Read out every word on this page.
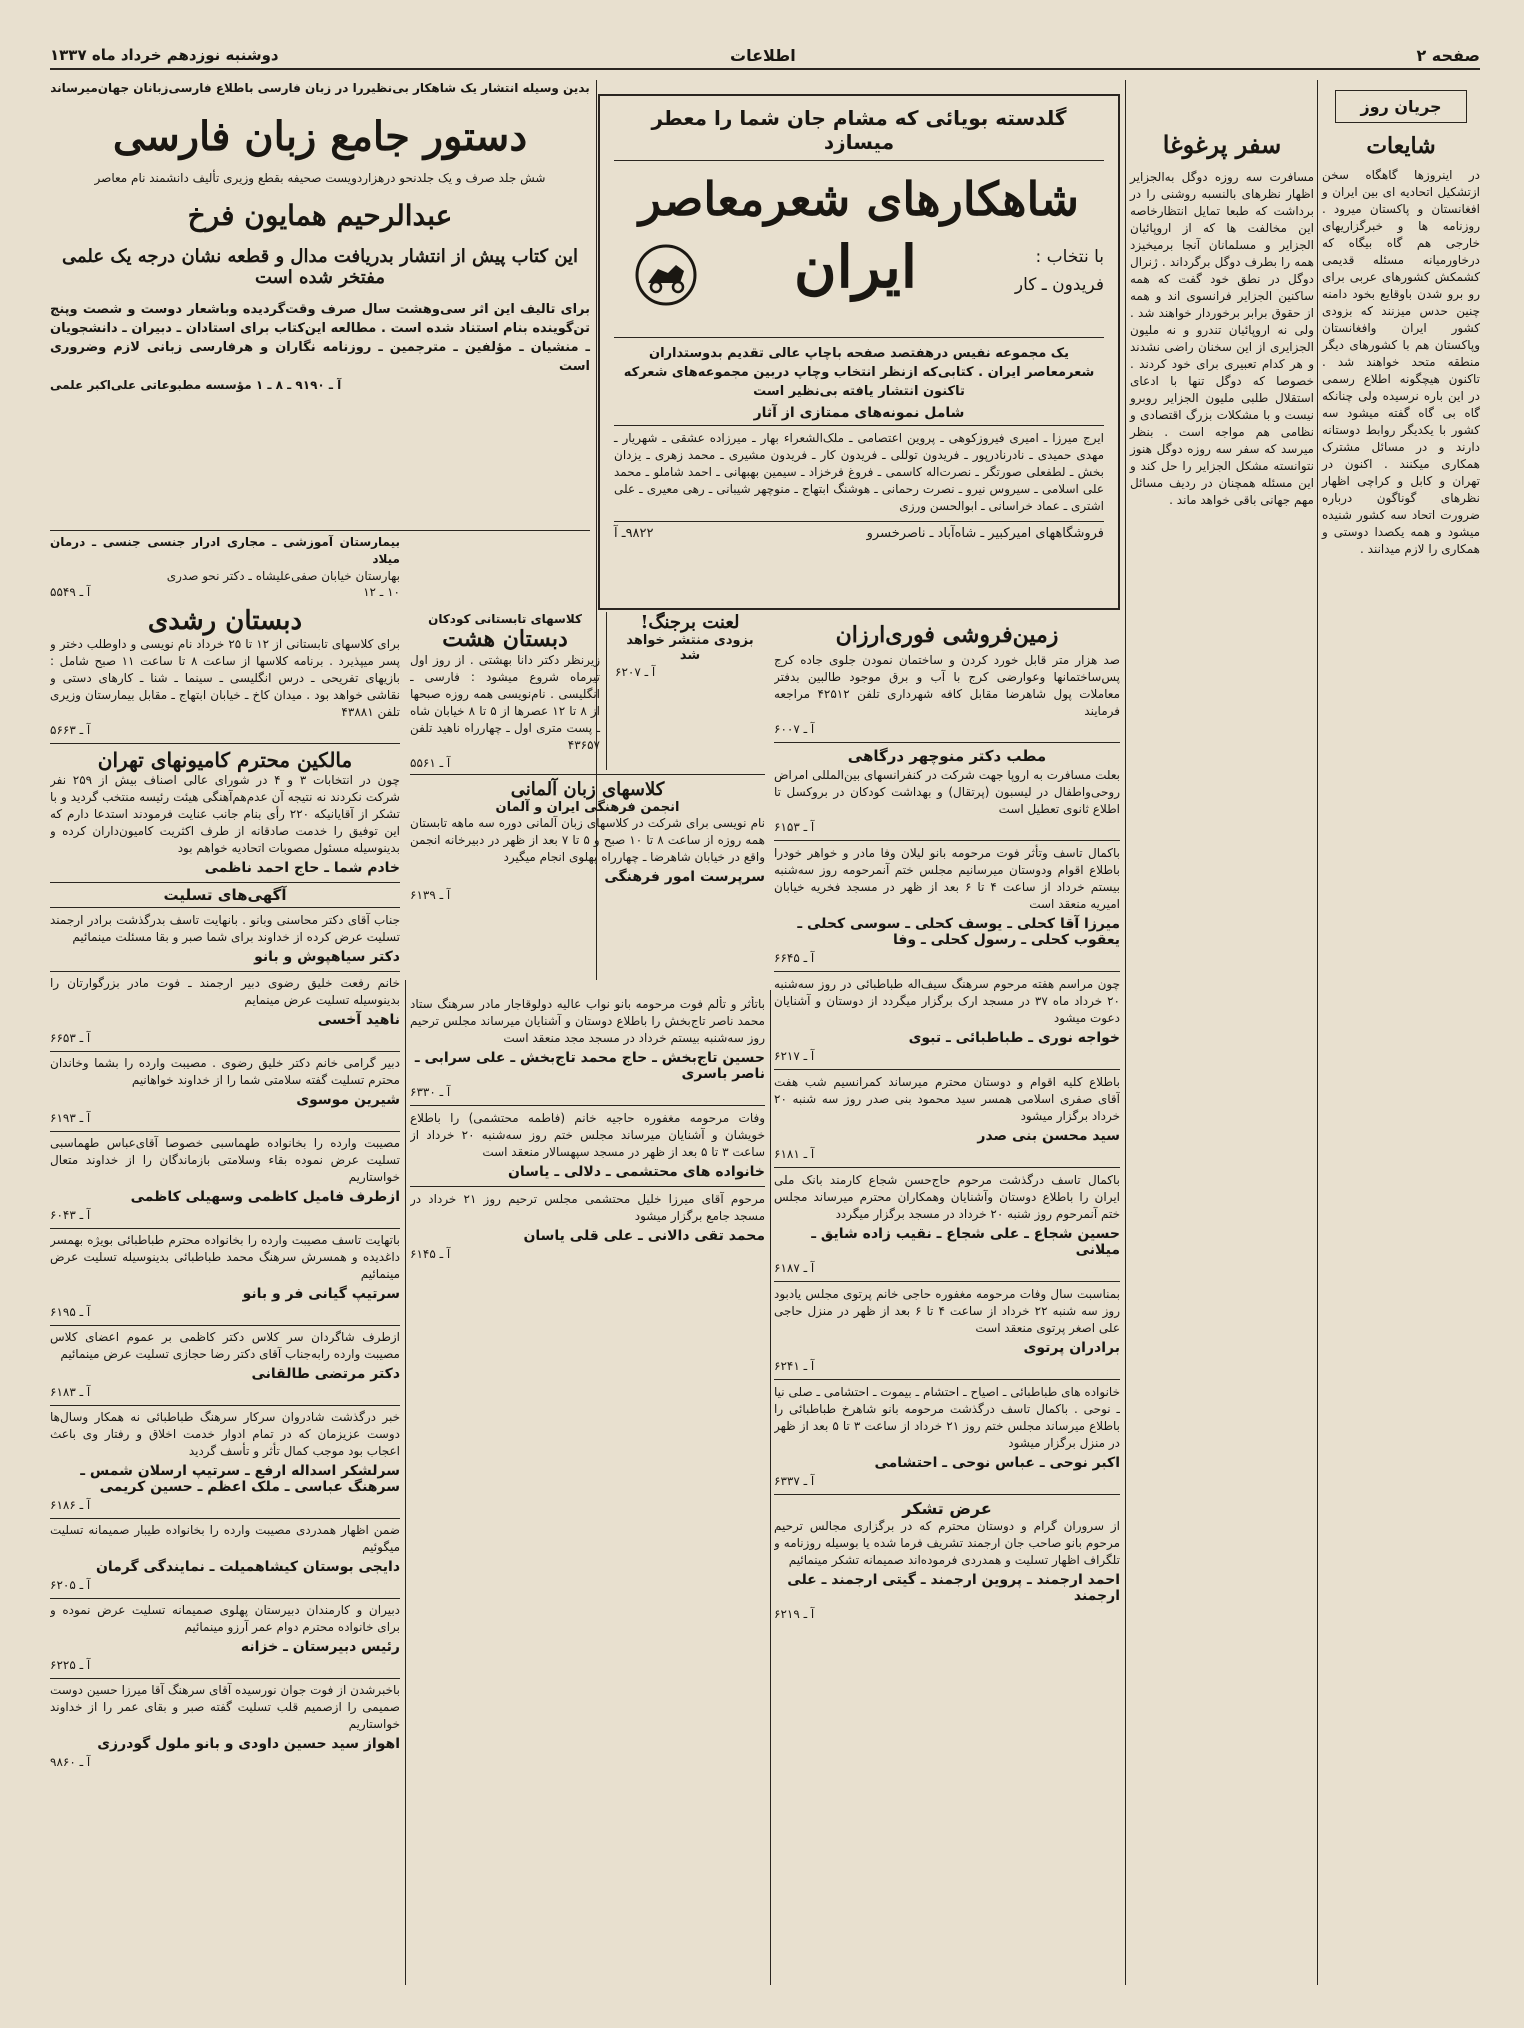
صفحه ۲
اطلاعات
دوشنبه نوزدهم خرداد ماه ۱۳۳۷
جریان روز
شایعات

در اینروزها گاهگاه سخن ازتشکیل اتحادیه ای بین ایران و افغانستان و پاکستان میرود . روزنامه ها و خبرگزاریهای خارجی هم گاه بیگاه که درخاورمیانه مسئله قدیمی کشمکش کشورهای عربی برای رو برو شدن باوقایع بخود دامنه چنین حدس میزنند که بزودی کشور ایران وافغانستان وپاکستان هم با کشورهای دیگر منطقه متحد خواهند شد . تاکنون هیچگونه اطلاع رسمی در این باره نرسیده ولی چنانکه گاه بی گاه گفته میشود سه کشور با یکدیگر روابط دوستانه دارند و در مسائل مشترک همکاری میکنند . اکنون در تهران و کابل و کراچی اظهار نظرهای گوناگون درباره ضرورت اتحاد سه کشور شنیده میشود و همه یکصدا دوستی و همکاری را لازم میدانند .

سفر پرغوغا

مسافرت سه روزه دوگل به‌الجزایر اظهار نظرهای بالنسبه روشنی را در برداشت که طبعا تمایل انتظارخاصه این مخالفت ها که از اروپائیان الجزایر و مسلمانان آنجا برمیخیزد همه را بطرف دوگل برگرداند . ژنرال دوگل در نطق خود گفت که همه ساکنین الجزایر فرانسوی اند و همه از حقوق برابر برخوردار خواهند شد . ولی نه اروپائیان تندرو و نه ملیون الجزایری از این سخنان راضی نشدند و هر کدام تعبیری برای خود کردند . خصوصا که دوگل تنها با ادعای استقلال طلبی ملیون الجزایر روبرو نیست و با مشکلات بزرگ اقتصادی و نظامی هم مواجه است . بنظر میرسد که سفر سه روزه دوگل هنوز نتوانسته مشکل الجزایر را حل کند و این مسئله همچنان در ردیف مسائل مهم جهانی باقی خواهد ماند .

گلدسته بویائی که مشام جان شما را معطر میسازد
شاهکارهای شعرمعاصر
با نتخاب :
فریدون ـ کار
ایران

یک مجموعه نفیس درهفتصد صفحه باچاپ عالی تقدیم بدوستداران شعرمعاصر ایران . کتابی‌که ازنظر انتخاب وچاپ دربین مجموعه‌های شعرکه تاکنون انتشار یافته بی‌نظیر است

شامل نمونه‌های ممتازی از آثار

ایرج میرزا ـ امیری فیروزکوهی ـ پروین اعتصامی ـ ملک‌الشعراء بهار ـ میرزاده عشقی ـ شهریار ـ مهدی حمیدی ـ نادرنادرپور ـ فریدون توللی ـ فریدون کار ـ فریدون مشیری ـ محمد زهری ـ یزدان بخش ـ لطفعلی صورتگر ـ نصرت‌اله کاسمی ـ فروغ فرخزاد ـ سیمین بهبهانی ـ احمد شاملو ـ محمد علی اسلامی ـ سیروس نیرو ـ نصرت رحمانی ـ هوشنگ ابتهاج ـ منوچهر شیبانی ـ رهی معیری ـ علی اشتری ـ عماد خراسانی ـ ابوالحسن ورزی

فروشگاههای امیرکبیر ـ شاه‌آباد ـ ناصرخسرو
۹۸۲۲ـ آ
زمین‌فروشی فوری‌ارزان

صد هزار متر قابل خورد کردن و ساختمان نمودن جلوی جاده کرج پس‌ساختمانها وعوارضی کرج با آب و برق موجود طالبین بدفتر معاملات پول شاهرضا مقابل کافه شهرداری تلفن ۴۲۵۱۲ مراجعه فرمایند

آ ـ ۶۰۰۷
مطب دکتر منوچهر درگاهی

بعلت مسافرت به اروپا جهت شرکت در کنفرانسهای بین‌المللی امراض روحی‌واطفال در لیسبون (پرتقال) و بهداشت کودکان در بروکسل تا اطلاع ثانوی تعطیل است

آ ـ ۶۱۵۳

باکمال تاسف وتأثر فوت مرحومه بانو لیلان وفا مادر و خواهر خودرا باطلاع اقوام ودوستان میرسانیم مجلس ختم آنمرحومه روز سه‌شنبه بیستم خرداد از ساعت ۴ تا ۶ بعد از ظهر در مسجد فخریه خیابان امیریه منعقد است

میرزا آقا کحلی ـ یوسف کحلی ـ سوسی کحلی ـ یعقوب کحلی ـ رسول کحلی ـ وفا
آ ـ ۶۶۴۵

چون مراسم هفته مرحوم سرهنگ سیف‌اله طباطبائی در روز سه‌شنبه ۲۰ خرداد ماه ۳۷ در مسجد ارک برگزار میگردد از دوستان و آشنایان دعوت میشود

خواجه نوری ـ طباطبائی ـ تبوی
آ ـ ۶۲۱۷

باطلاع کلیه اقوام و دوستان محترم میرساند کمرانسیم شب هفت آقای صفری اسلامی همسر سید محمود بنی صدر روز سه شنبه ۲۰ خرداد برگزار میشود

سید محسن بنی صدر
آ ـ ۶۱۸۱

باکمال تاسف درگذشت مرحوم حاج‌حسن شجاع کارمند بانک ملی ایران را باطلاع دوستان وآشنایان وهمکاران محترم میرساند مجلس ختم آنمرحوم روز شنبه ۲۰ خرداد در مسجد برگزار میگردد

حسین شجاع ـ علی شجاع ـ نقیب زاده شایق ـ میلانی
آ ـ ۶۱۸۷

بمناسبت سال وفات مرحومه مغفوره حاجی خانم پرتوی مجلس یادبود روز سه شنبه ۲۲ خرداد از ساعت ۴ تا ۶ بعد از ظهر در منزل حاجی علی اصغر پرتوی منعقد است

برادران پرتوی
آ ـ ۶۲۴۱

خانواده های طباطبائی ـ اصیاح ـ احتشام ـ بیموت ـ احتشامی ـ صلی نیا ـ نوحی . باکمال تاسف درگذشت مرحومه بانو شاهرخ طباطبائی را باطلاع میرساند مجلس ختم روز ۲۱ خرداد از ساعت ۳ تا ۵ بعد از ظهر در منزل برگزار میشود

اکبر نوحی ـ عباس نوحی ـ احتشامی
آ ـ ۶۳۳۷
عرض تشکر

از سروران گرام و دوستان محترم که در برگزاری مجالس ترحیم مرحوم بانو صاحب جان ارجمند تشریف فرما شده یا بوسیله روزنامه و تلگراف اظهار تسلیت و همدردی فرموده‌اند صمیمانه تشکر مینمائیم

احمد ارجمند ـ پروین ارجمند ـ گیتی ارجمند ـ علی ارجمند
آ ـ ۶۲۱۹

باتأثر و تألم فوت مرحومه بانو نواب عالیه دولوقاجار مادر سرهنگ ستاد محمد ناصر تاج‌بخش را باطلاع دوستان و آشنایان میرساند مجلس ترحیم روز سه‌شنبه بیستم خرداد در مسجد مجد منعقد است

حسین تاج‌بخش ـ حاج محمد تاج‌بخش ـ علی سرابی ـ ناصر باسری
آ ـ ۶۳۳۰

وفات مرحومه مغفوره حاجیه خانم (فاطمه محتشمی) را باطلاع خویشان و آشنایان میرساند مجلس ختم روز سه‌شنبه ۲۰ خرداد از ساعت ۳ تا ۵ بعد از ظهر در مسجد سپهسالار منعقد است

خانواده های محتشمی ـ دلالی ـ یاسان

مرحوم آقای میرزا خلیل محتشمی مجلس ترحیم روز ۲۱ خرداد در مسجد جامع برگزار میشود

محمد تقی دالانی ـ علی قلی یاسان
آ ـ ۶۱۴۵
لعنت برجنگ!
بزودی منتشر خواهد شد
آ ـ ۶۲۰۷
کلاسهای تابستانی کودکان
دبستان هشت

زیرنظر دکتر دانا بهشتی . از روز اول تیرماه شروع میشود : فارسی ـ انگلیسی . نام‌نویسی همه روزه صبحها از ۸ تا ۱۲ عصرها از ۵ تا ۸ خیابان شاه ـ پست متری اول ـ چهارراه ناهید تلفن ۴۳۶۵۷

آ ـ ۵۵۶۱
کلاسهای زبان آلمانی
انجمن فرهنگی ایران و آلمان

نام نویسی برای شرکت در کلاسهای زبان آلمانی دوره سه ماهه تابستان همه روزه از ساعت ۸ تا ۱۰ صبح و ۵ تا ۷ بعد از ظهر در دبیرخانه انجمن واقع در خیابان شاهرضا ـ چهارراه پهلوی انجام میگیرد

سرپرست امور فرهنگی
آ ـ ۶۱۳۹

بدین وسیله انتشار یک شاهکار بی‌نظیررا در زبان فارسی باطلاع فارسی‌زبانان جهان‌میرساند

دستور جامع زبان فارسی

شش جلد صرف و یک جلدنحو درهزاردویست صحیفه بقطع وزیری تألیف دانشمند نام معاصر

عبدالرحیم همایون فرخ
این کتاب پیش از انتشار بدریافت مدال و قطعه نشان درجه یک علمی مفتخر شده است

برای تالیف این اثر سی‌وهشت سال صرف وقت‌گردیده وباشعار دوست و شصت وپنج تن‌گوینده بنام استناد شده است . مطالعه این‌کتاب برای استادان ـ دبیران ـ دانشجویان ـ منشیان ـ مؤلفین ـ مترجمین ـ روزنامه نگاران و هرفارسی زبانی لازم وضروری است

آ ـ ۹۱۹۰ ـ ۸ ـ ۱ مؤسسه مطبوعاتی علی‌اکبر علمی
بیمارستان آموزشی ـ مجاری ادرار جنسی جنسی ـ درمان میلاد
بهارستان خیابان صفی‌علیشاه ـ دکتر نحو صدری
۱۰ ـ ۱۲
آ ـ ۵۵۴۹
دبستان رشدی

برای کلاسهای تابستانی از ۱۲ تا ۲۵ خرداد نام نویسی و داوطلب دختر و پسر میپذیرد . برنامه کلاسها از ساعت ۸ تا ساعت ۱۱ صبح شامل : بازیهای تفریحی ـ درس انگلیسی ـ سینما ـ شنا ـ کارهای دستی و نقاشی خواهد بود . میدان کاخ ـ خیابان ابتهاج ـ مقابل بیمارستان وزیری تلفن ۴۳۸۸۱

آ ـ ۵۶۶۳
مالکین محترم کامیونهای تهران

چون در انتخابات ۳ و ۴ در شورای عالی اصناف بیش از ۲۵۹ نفر شرکت نکردند نه نتیجه آن عدم‌هم‌آهنگی هیئت رئیسه منتخب گردید و با تشکر از آقایانیکه ۲۲۰ رأی بنام جانب عنایت فرمودند استدعا دارم که این توفیق را خدمت صادقانه از طرف اکثریت کامیون‌داران کرده و بدینوسیله مسئول مصوبات اتحادیه خواهم بود

خادم شما ـ حاج احمد ناظمی
آگهی‌های تسلیت

جناب آقای دکتر محاسنی وبانو . بانهایت تاسف بدرگذشت برادر ارجمند تسلیت عرض کرده از خداوند برای شما صبر و بقا مسئلت مینمائیم

دکتر سیاهپوش و بانو

خانم رفعت خلیق رضوی دبیر ارجمند ـ فوت مادر بزرگوارتان را بدینوسیله تسلیت عرض مینمایم

ناهید آخسی
آ ـ ۶۶۵۳

دبیر گرامی خانم دکتر خلیق رضوی . مصیبت وارده را بشما وخاندان محترم تسلیت گفته سلامتی شما را از خداوند خواهانیم

شیرین موسوی
آ ـ ۶۱۹۳

مصیبت وارده را بخانواده طهماسبی خصوصا آقای‌عباس طهماسبی تسلیت عرض نموده بقاء وسلامتی بازماندگان را از خداوند متعال خواستاریم

ازطرف فامیل کاظمی وسهیلی کاظمی
آ ـ ۶۰۴۳

باتهایت تاسف مصیبت وارده را بخانواده محترم طباطبائی بویژه بهمسر داغدیده و همسرش سرهنگ محمد طباطبائی بدینوسیله تسلیت عرض مینمائیم

سرتیپ گیانی فر و بانو
آ ـ ۶۱۹۵

ازطرف شاگردان سر کلاس دکتر کاظمی بر عموم اعضای کلاس مصیبت وارده رابه‌جناب آقای دکتر رضا حجازی تسلیت عرض مینمائیم

دکتر مرتضی طالقانی
آ ـ ۶۱۸۳

خبر درگذشت شادروان سرکار سرهنگ طباطبائی نه همکار وسال‌ها دوست عزیزمان که در تمام ادوار خدمت اخلاق و رفتار وی باعث اعجاب بود موجب کمال تأثر و تأسف گردید

سرلشکر اسداله ارفع ـ سرتیپ ارسلان شمس ـ سرهنگ عباسی ـ ملک اعظم ـ حسین کریمی
آ ـ ۶۱۸۶

ضمن اظهار همدردی مصیبت وارده را بخانواده طیبار صمیمانه تسلیت میگوئیم

دایجی بوستان کیشاهمیلت ـ نمایندگی گرمان
آ ـ ۶۲۰۵

دبیران و کارمندان دبیرستان پهلوی صمیمانه تسلیت عرض نموده و برای خانواده محترم دوام عمر آرزو مینمائیم

رئیس دبیرستان ـ خزانه
آ ـ ۶۲۲۵

باخبرشدن از فوت جوان نورسیده آقای سرهنگ آقا میرزا حسین دوست صمیمی را ازصمیم قلب تسلیت گفته صبر و بقای عمر را از خداوند خواستاریم

اهواز سید حسین داودی و بانو ملول گودرزی
آ ـ ۹۸۶۰
